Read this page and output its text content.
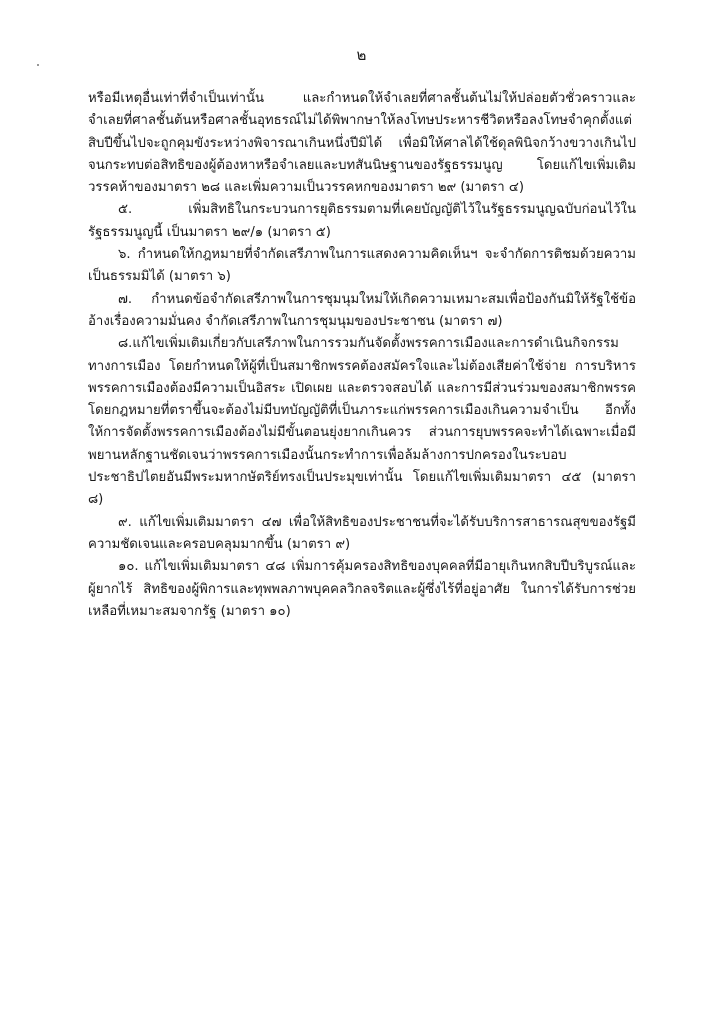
๒

หรือมีเหตุอื่นเท่าที่จำเป็นเท่านั้น และกำหนดให้จำเลยที่ศาลชั้นต้นไม่ให้ปล่อยตัวชั่วคราวและจำเลยที่ศาลชั้นต้นหรือศาลชั้นอุทธรณ์ไม่ได้พิพากษาให้ลงโทษประหารชีวิตหรือลงโทษจำคุกตั้งแต่สิบปีขึ้นไปจะถูกคุมขังระหว่างพิจารณาเกินหนึ่งปีมิได้ เพื่อมิให้ศาลได้ใช้ดุลพินิจกว้างขวางเกินไป จนกระทบต่อสิทธิของผู้ต้องหาหรือจำเลยและบทสันนิษฐานของรัฐธรรมนูญ โดยแก้ไขเพิ่มเติมวรรคห้าของมาตรา ๒๘ และเพิ่มความเป็นวรรคหกของมาตรา ๒๙ (มาตรา ๔)

๕. เพิ่มสิทธิในกระบวนการยุติธรรมตามที่เคยบัญญัติไว้ในรัฐธรรมนูญฉบับก่อนไว้ในรัฐธรรมนูญนี้ เป็นมาตรา ๒๙/๑ (มาตรา ๕)

๖. กำหนดให้กฎหมายที่จำกัดเสรีภาพในการแสดงความคิดเห็นฯ จะจำกัดการติชมด้วยความเป็นธรรมมิได้ (มาตรา ๖)

๗. กำหนดข้อจำกัดเสรีภาพในการชุมนุมใหม่ให้เกิดความเหมาะสมเพื่อป้องกันมิให้รัฐใช้ข้ออ้างเรื่องความมั่นคง จำกัดเสรีภาพในการชุมนุมของประชาชน (มาตรา ๗)

๘.แก้ไขเพิ่มเติมเกี่ยวกับเสรีภาพในการรวมกันจัดตั้งพรรคการเมืองและการดำเนินกิจกรรมทางการเมือง โดยกำหนดให้ผู้ที่เป็นสมาชิกพรรคต้องสมัครใจและไม่ต้องเสียค่าใช้จ่าย การบริหารพรรคการเมืองต้องมีความเป็นอิสระ เปิดเผย และตรวจสอบได้ และการมีส่วนร่วมของสมาชิกพรรคโดยกฎหมายที่ตราขึ้นจะต้องไม่มีบทบัญญัติที่เป็นภาระแก่พรรคการเมืองเกินความจำเป็น อีกทั้งให้การจัดตั้งพรรคการเมืองต้องไม่มีขั้นตอนยุ่งยากเกินควร ส่วนการยุบพรรคจะทำได้เฉพาะเมื่อมีพยานหลักฐานชัดเจนว่าพรรคการเมืองนั้นกระทำการเพื่อล้มล้างการปกครองในระบอบประชาธิปไตยอันมีพระมหากษัตริย์ทรงเป็นประมุขเท่านั้น โดยแก้ไขเพิ่มเติมมาตรา ๔๕ (มาตรา ๘)

๙. แก้ไขเพิ่มเติมมาตรา ๔๗ เพื่อให้สิทธิของประชาชนที่จะได้รับบริการสาธารณสุขของรัฐมีความชัดเจนและครอบคลุมมากขึ้น (มาตรา ๙)

๑๐. แก้ไขเพิ่มเติมมาตรา ๔๘ เพิ่มการคุ้มครองสิทธิของบุคคลที่มีอายุเกินหกสิบปีบริบูรณ์และผู้ยากไร้ สิทธิของผู้พิการและทุพพลภาพบุคคลวิกลจริตและผู้ซึ่งไร้ที่อยู่อาศัย ในการได้รับการช่วยเหลือที่เหมาะสมจากรัฐ (มาตรา ๑๐)
